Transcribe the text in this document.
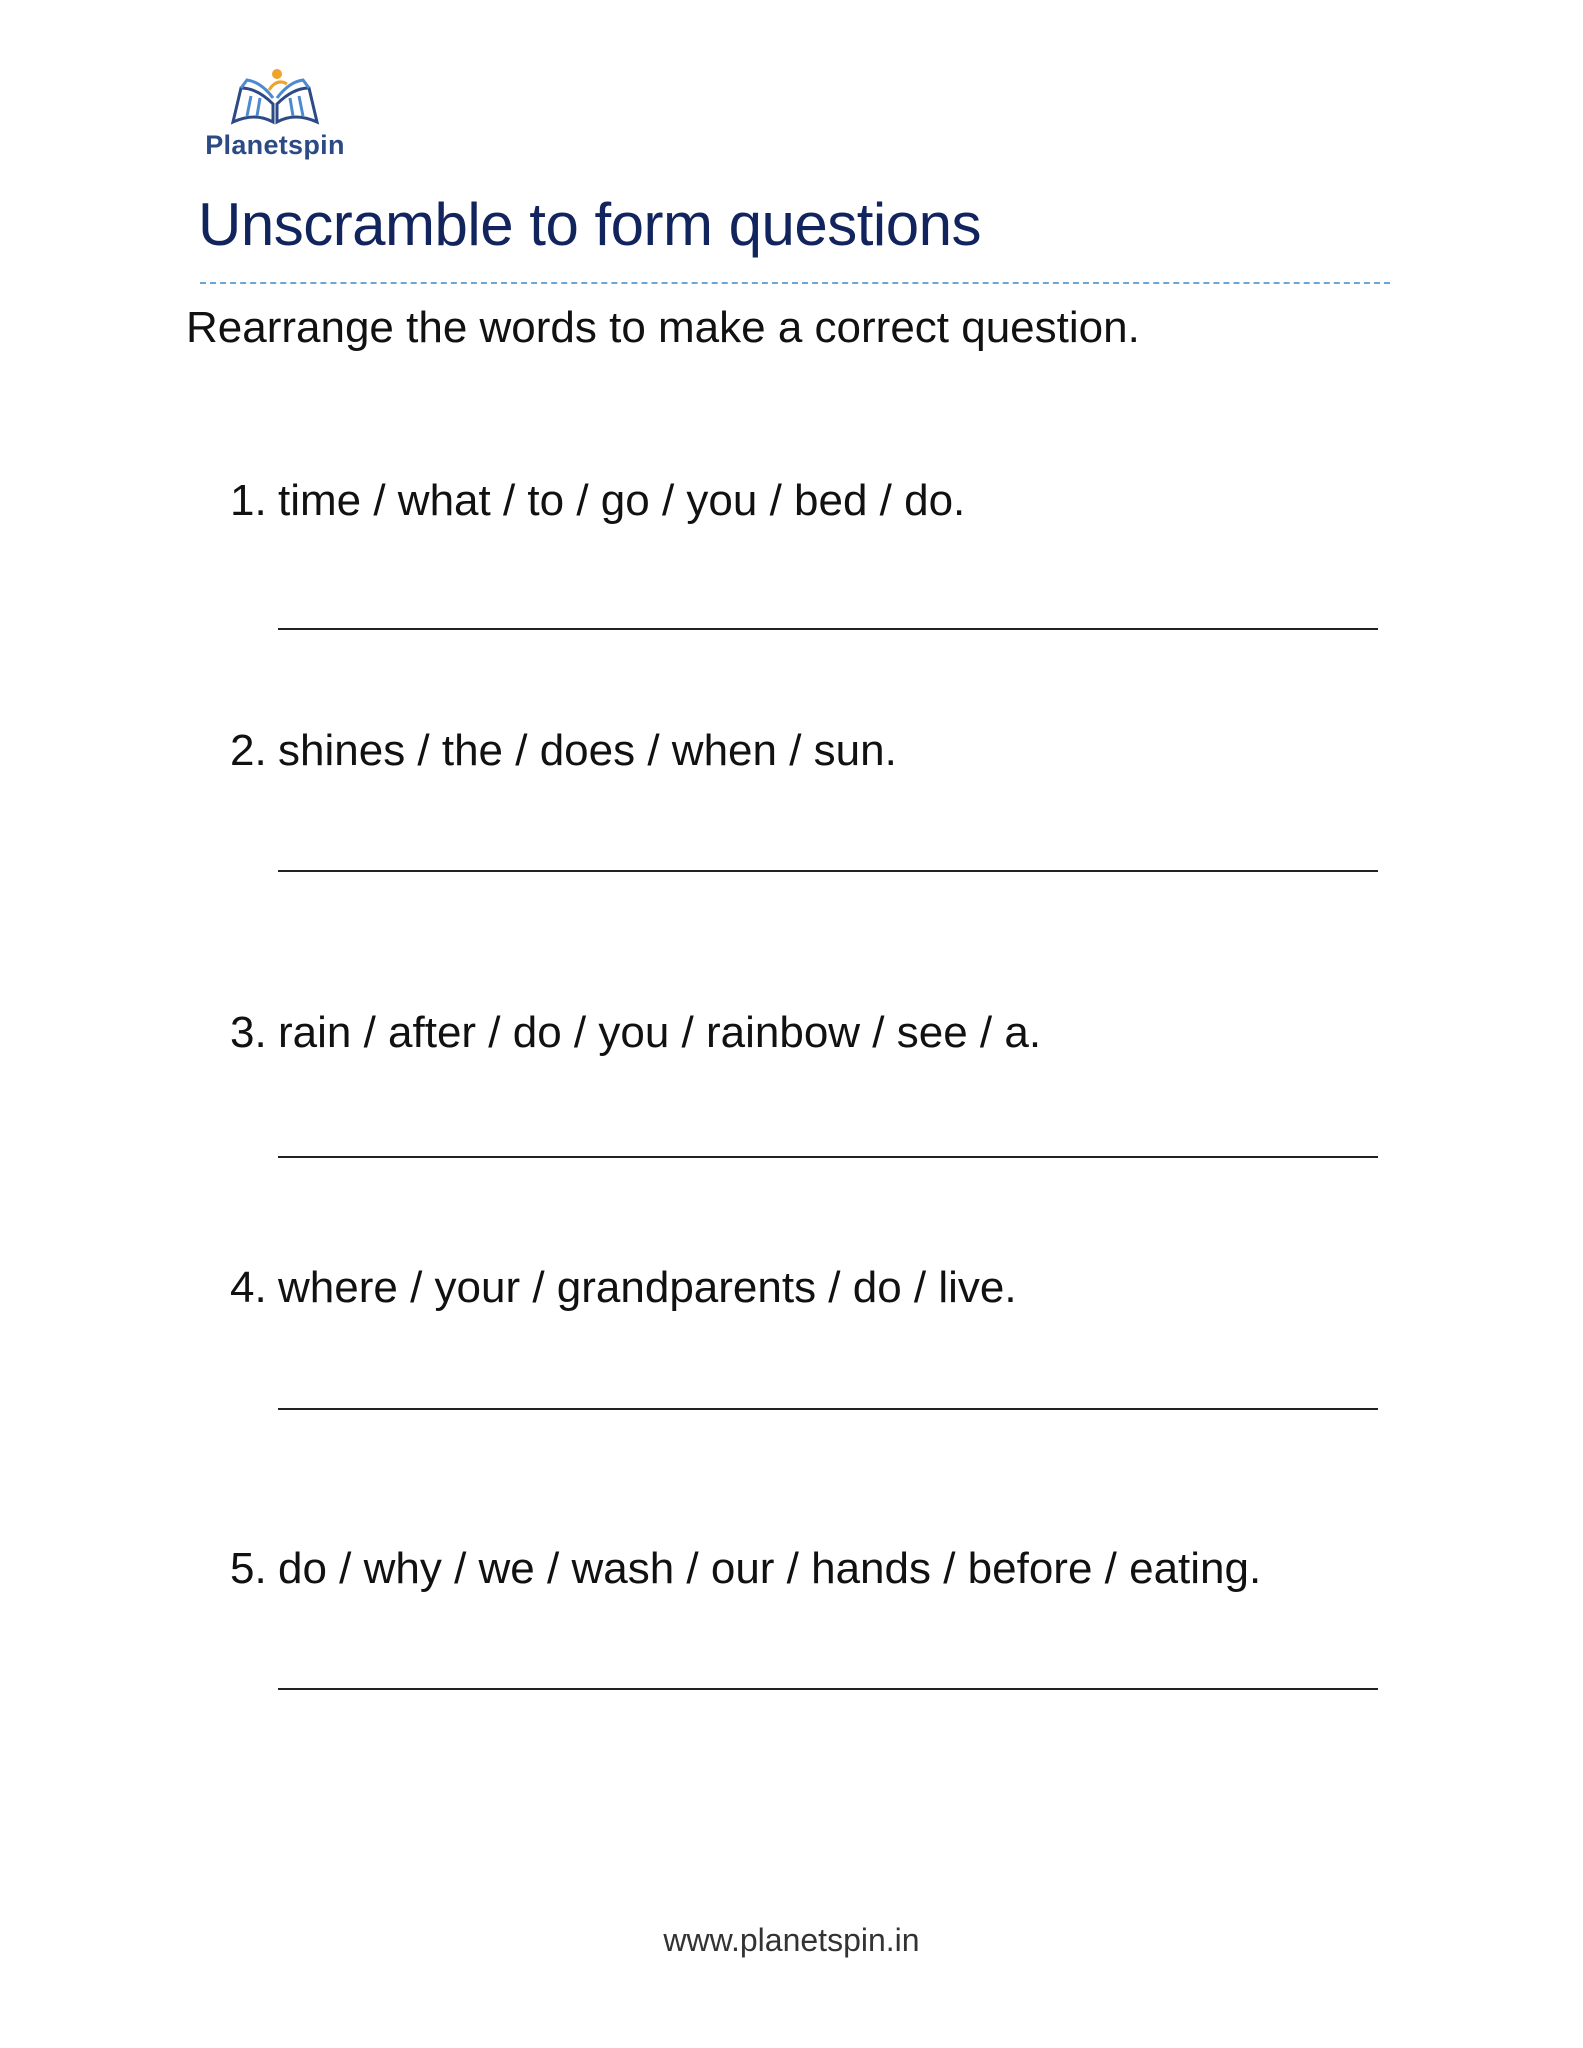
Planetspin
Unscramble to form questions
Rearrange the words to make a correct question.
1. time / what / to / go / you / bed / do.
2. shines / the / does / when / sun.
3. rain / after / do / you / rainbow / see / a.
4. where / your / grandparents / do / live.
5. do / why / we / wash / our / hands / before / eating.
www.planetspin.in
